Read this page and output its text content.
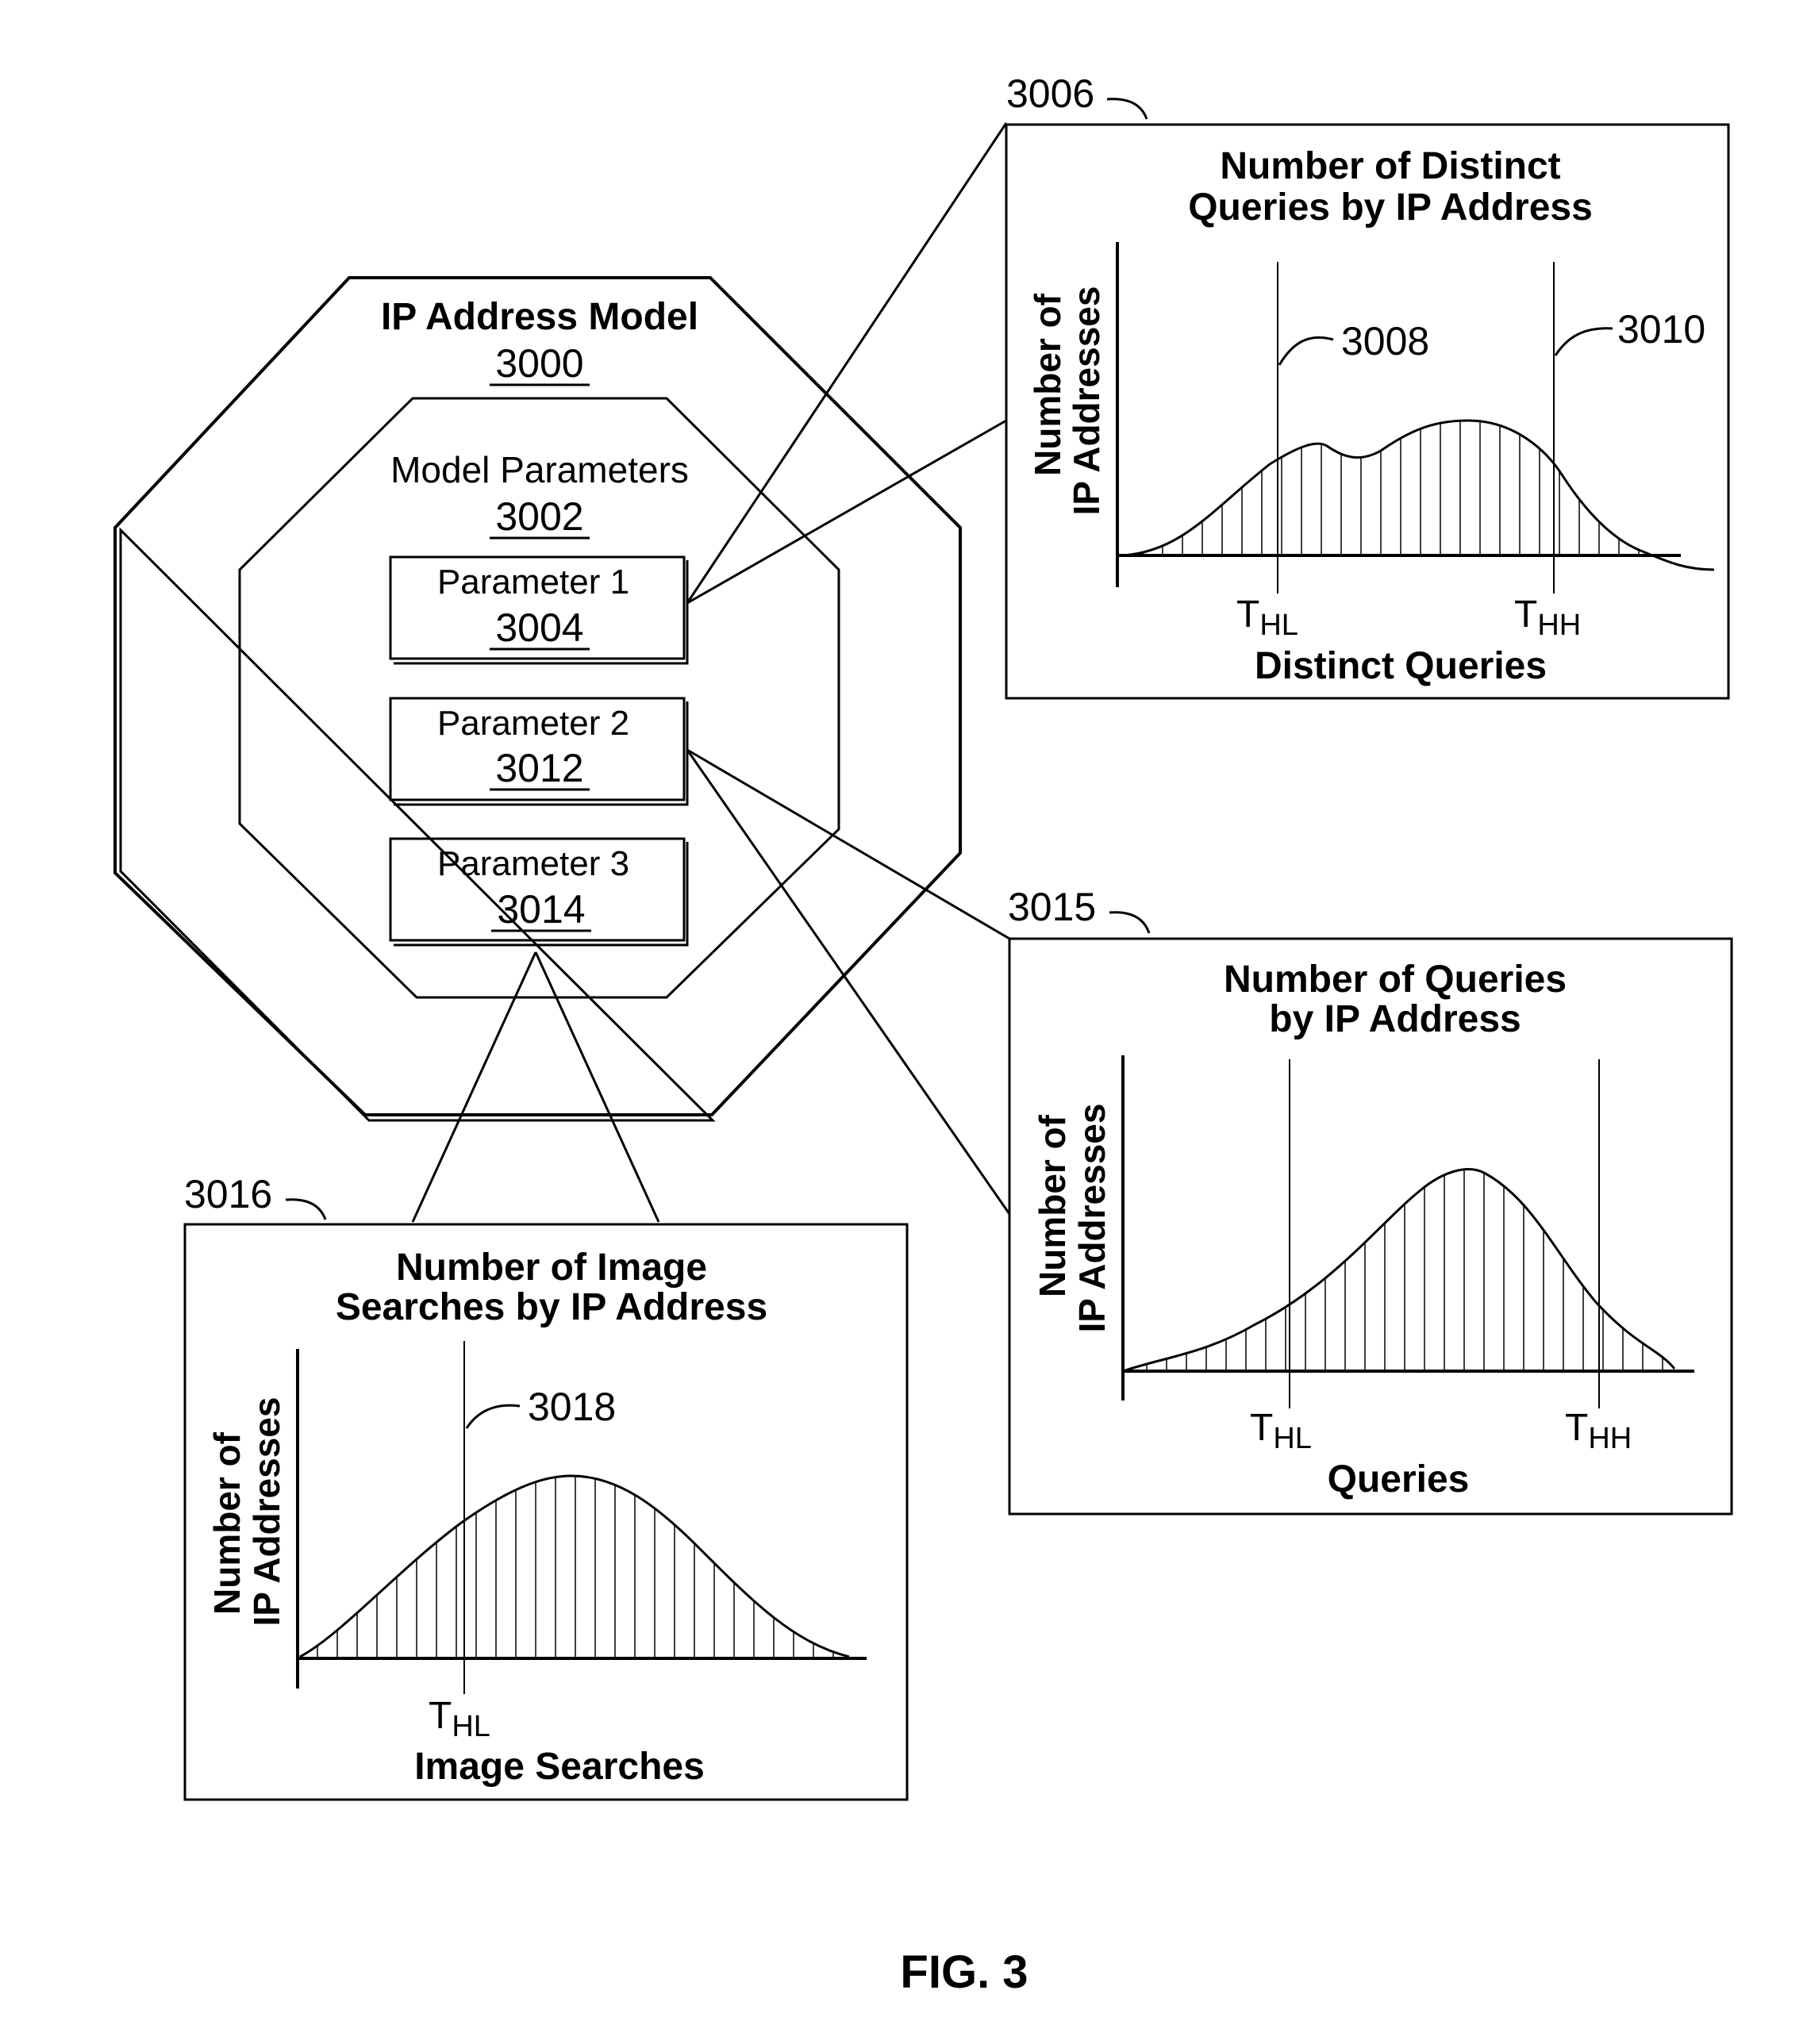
IP Address Model
3000
Model Parameters
3002
Parameter 1
3004
Parameter 2
3012
Parameter 3
3014
3006
Number of Distinct
Queries by IP Address
Number of
IP Addresses	3008	3010
$T_{HL}$	$T_{HH}$
Distinct Queries
3015
Number of Queries
by IP Address
Number of
IP Addresses
$T_{HL}$	$T_{HH}$
Queries
3016
Number of Image
Searches by IP Address
Number of
IP Addresses	3018
$T_{HL}$
Image Searches
FIG. 3
